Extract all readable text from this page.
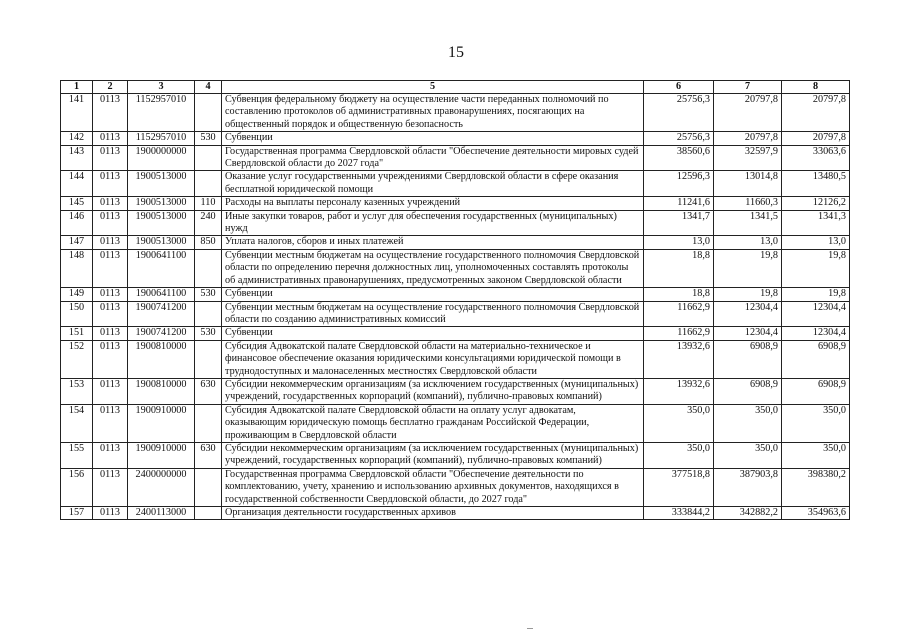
15
1	2	3	4	5	6	7	8
141	0113	1152957010		Субвенция федеральному бюджету на осуществление части переданных полномочий по составлению протоколов об административных правонарушениях, посягающих на общественный порядок и общественную безопасность	25756,3	20797,8	20797,8
142	0113	1152957010	530	Субвенции	25756,3	20797,8	20797,8
143	0113	1900000000		Государственная программа Свердловской области "Обеспечение деятельности мировых судей Свердловской области до 2027 года"	38560,6	32597,9	33063,6
144	0113	1900513000		Оказание услуг государственными учреждениями Свердловской области в сфере оказания бесплатной юридической помощи	12596,3	13014,8	13480,5
145	0113	1900513000	110	Расходы на выплаты персоналу казенных учреждений	11241,6	11660,3	12126,2
146	0113	1900513000	240	Иные закупки товаров, работ и услуг для обеспечения государственных (муниципальных) нужд	1341,7	1341,5	1341,3
147	0113	1900513000	850	Уплата налогов, сборов и иных платежей	13,0	13,0	13,0
148	0113	1900641100		Субвенции местным бюджетам на осуществление государственного полномочия Свердловской области по определению перечня должностных лиц, уполномоченных составлять протоколы об административных правонарушениях, предусмотренных законом Свердловской области	18,8	19,8	19,8
149	0113	1900641100	530	Субвенции	18,8	19,8	19,8
150	0113	1900741200		Субвенции местным бюджетам на осуществление государственного полномочия Свердловской области по созданию административных комиссий	11662,9	12304,4	12304,4
151	0113	1900741200	530	Субвенции	11662,9	12304,4	12304,4
152	0113	1900810000		Субсидия Адвокатской палате Свердловской области на материально-техническое и финансовое обеспечение оказания юридическими консультациями юридической помощи в труднодоступных и малонаселенных местностях Свердловской области	13932,6	6908,9	6908,9
153	0113	1900810000	630	Субсидии некоммерческим организациям (за исключением государственных (муниципальных) учреждений, государственных корпораций (компаний), публично-правовых компаний)	13932,6	6908,9	6908,9
154	0113	1900910000		Субсидия Адвокатской палате Свердловской области на оплату услуг адвокатам, оказывающим юридическую помощь бесплатно гражданам Российской Федерации, проживающим в Свердловской области	350,0	350,0	350,0
155	0113	1900910000	630	Субсидии некоммерческим организациям (за исключением государственных (муниципальных) учреждений, государственных корпораций (компаний), публично-правовых компаний)	350,0	350,0	350,0
156	0113	2400000000		Государственная программа Свердловской области "Обеспечение деятельности по комплектованию, учету, хранению и использованию архивных документов, находящихся в государственной собственности Свердловской области, до 2027 года"	377518,8	387903,8	398380,2
157	0113	2400113000		Организация деятельности государственных архивов	333844,2	342882,2	354963,6
